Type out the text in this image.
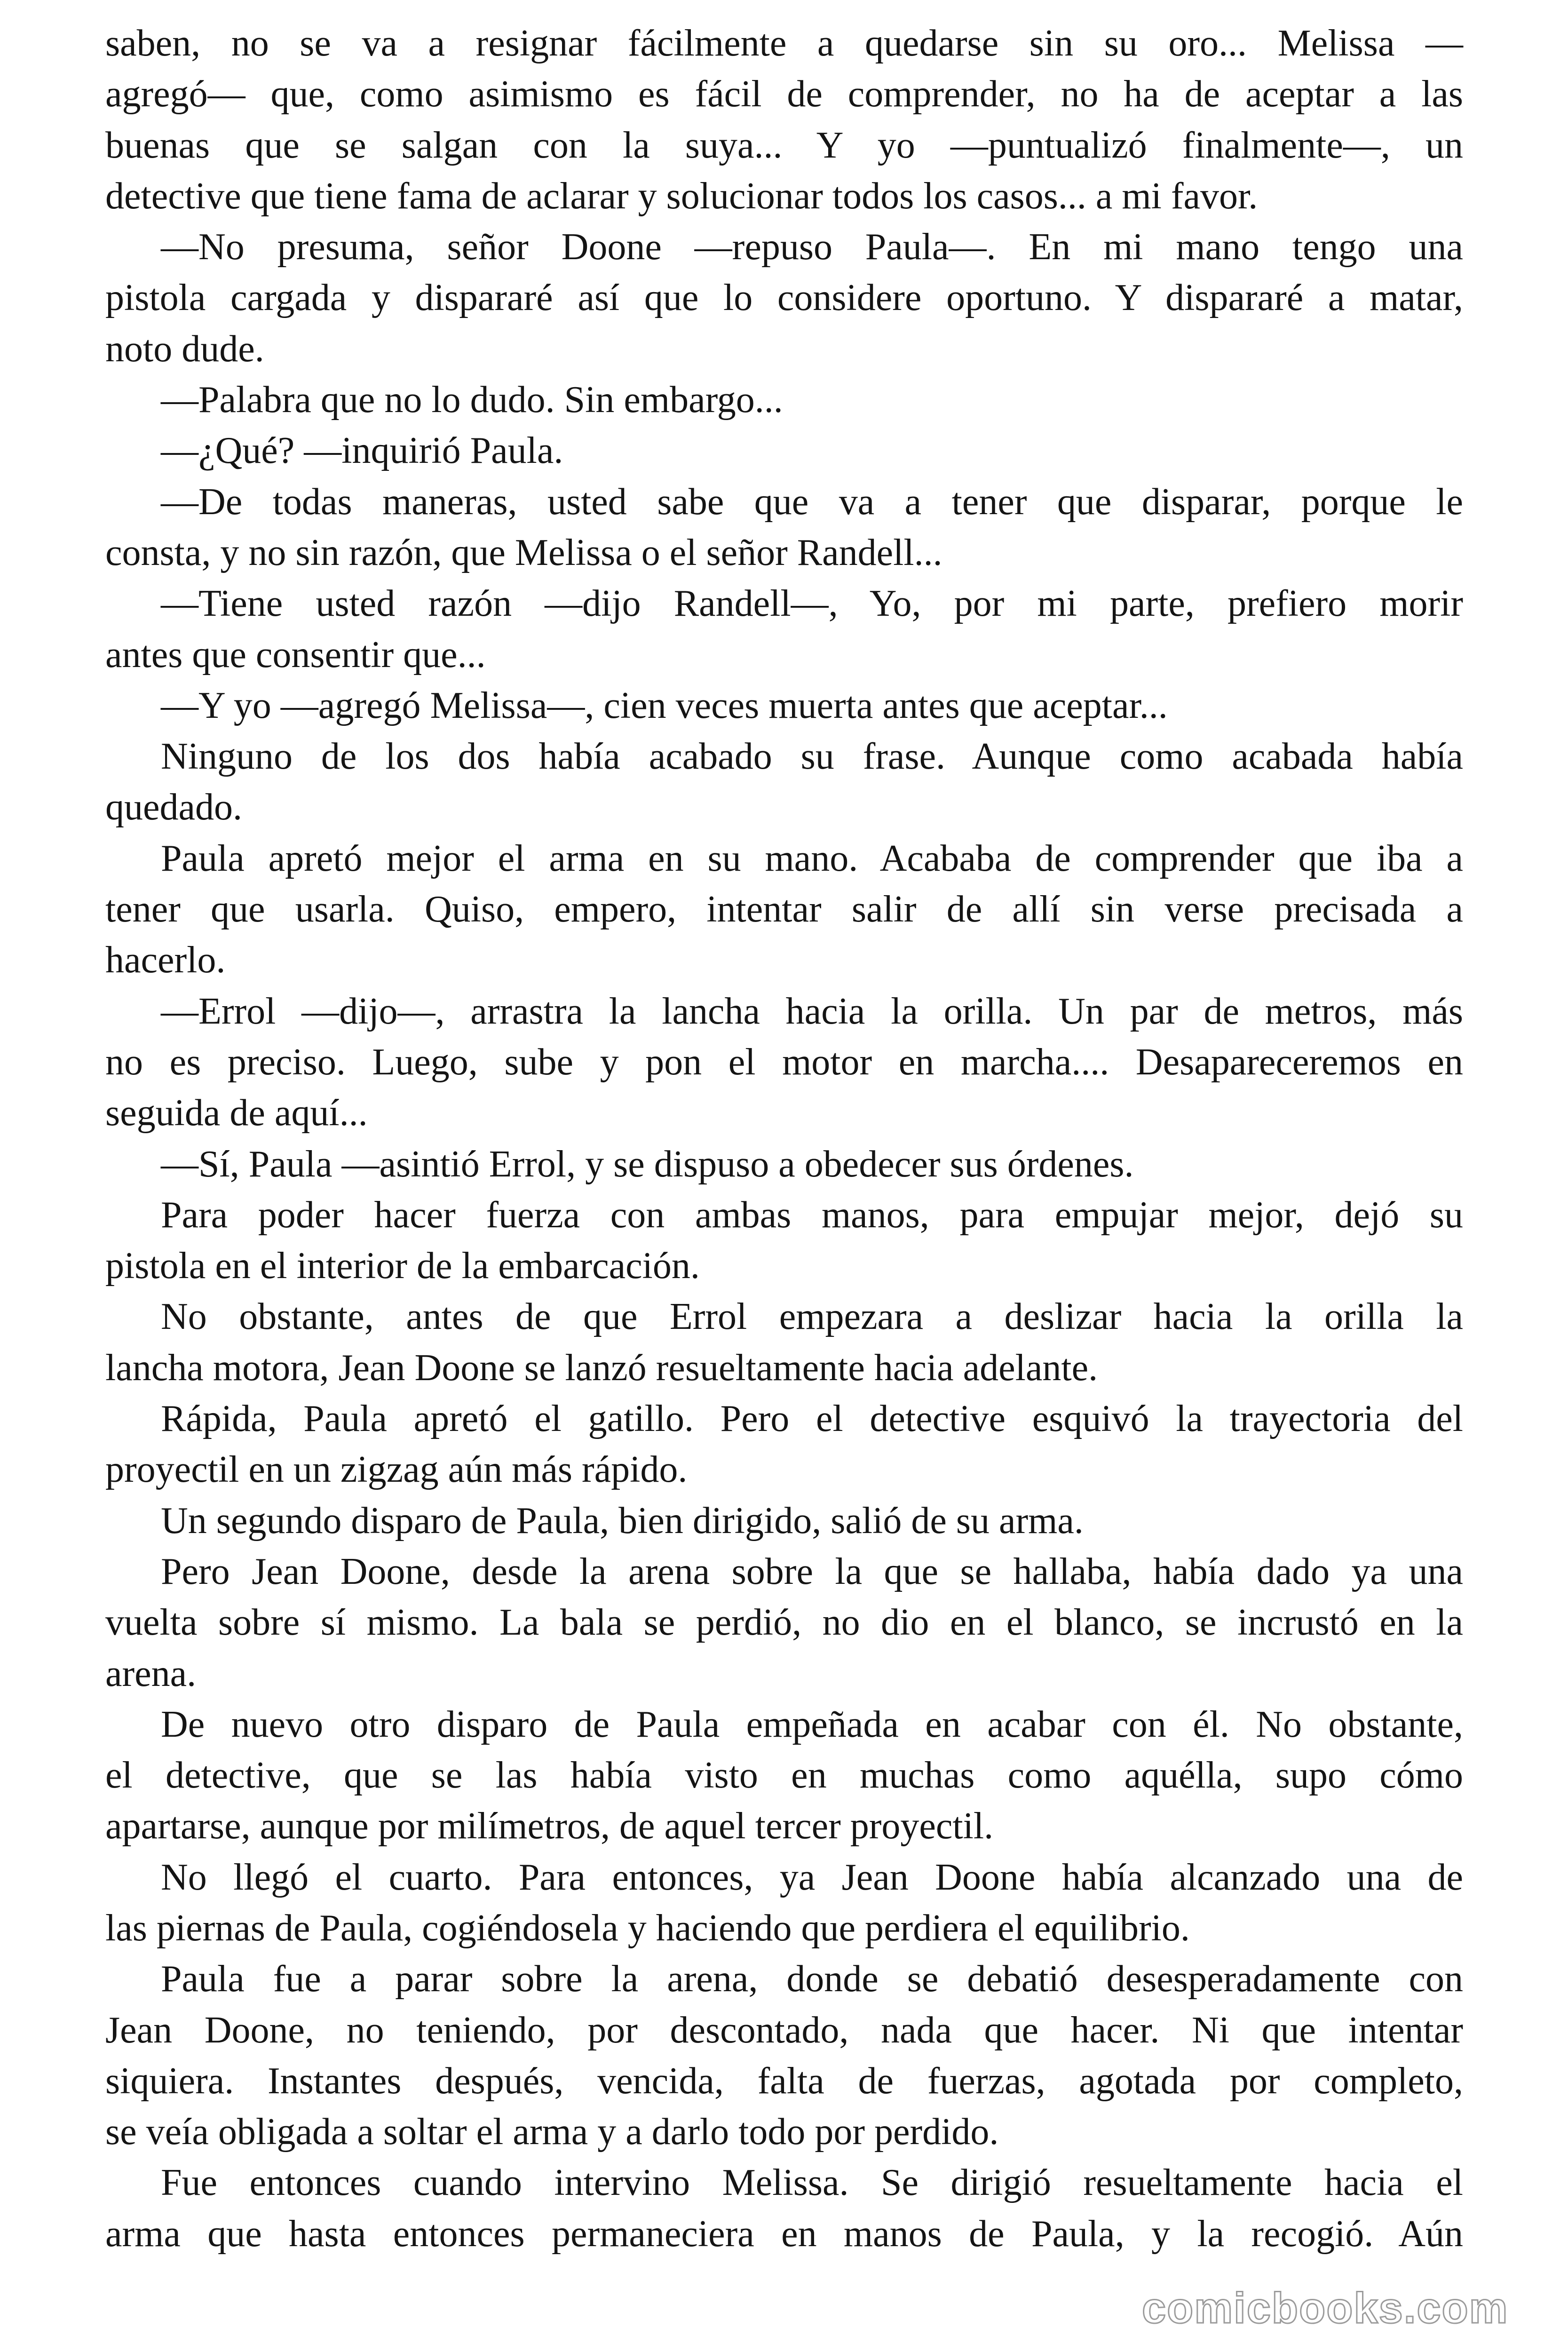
saben, no se va a resignar fácilmente a quedarse sin su oro... Melissa —
agregó— que, como asimismo es fácil de comprender, no ha de aceptar a las
buenas que se salgan con la suya... Y yo —puntualizó finalmente—, un
detective que tiene fama de aclarar y solucionar todos los casos... a mi favor.
—No presuma, señor Doone —repuso Paula—. En mi mano tengo una
pistola cargada y dispararé así que lo considere oportuno. Y dispararé a matar,
noto dude.
—Palabra que no lo dudo. Sin embargo...
—¿Qué? —inquirió Paula.
—De todas maneras, usted sabe que va a tener que disparar, porque le
consta, y no sin razón, que Melissa o el señor Randell...
—Tiene usted razón —dijo Randell—, Yo, por mi parte, prefiero morir
antes que consentir que...
—Y yo —agregó Melissa—, cien veces muerta antes que aceptar...
Ninguno de los dos había acabado su frase. Aunque como acabada había
quedado.
Paula apretó mejor el arma en su mano. Acababa de comprender que iba a
tener que usarla. Quiso, empero, intentar salir de allí sin verse precisada a
hacerlo.
—Errol —dijo—, arrastra la lancha hacia la orilla. Un par de metros, más
no es preciso. Luego, sube y pon el motor en marcha.... Desapareceremos en
seguida de aquí...
—Sí, Paula —asintió Errol, y se dispuso a obedecer sus órdenes.
Para poder hacer fuerza con ambas manos, para empujar mejor, dejó su
pistola en el interior de la embarcación.
No obstante, antes de que Errol empezara a deslizar hacia la orilla la
lancha motora, Jean Doone se lanzó resueltamente hacia adelante.
Rápida, Paula apretó el gatillo. Pero el detective esquivó la trayectoria del
proyectil en un zigzag aún más rápido.
Un segundo disparo de Paula, bien dirigido, salió de su arma.
Pero Jean Doone, desde la arena sobre la que se hallaba, había dado ya una
vuelta sobre sí mismo. La bala se perdió, no dio en el blanco, se incrustó en la
arena.
De nuevo otro disparo de Paula empeñada en acabar con él. No obstante,
el detective, que se las había visto en muchas como aquélla, supo cómo
apartarse, aunque por milímetros, de aquel tercer proyectil.
No llegó el cuarto. Para entonces, ya Jean Doone había alcanzado una de
las piernas de Paula, cogiéndosela y haciendo que perdiera el equilibrio.
Paula fue a parar sobre la arena, donde se debatió desesperadamente con
Jean Doone, no teniendo, por descontado, nada que hacer. Ni que intentar
siquiera. Instantes después, vencida, falta de fuerzas, agotada por completo,
se veía obligada a soltar el arma y a darlo todo por perdido.
Fue entonces cuando intervino Melissa. Se dirigió resueltamente hacia el
arma que hasta entonces permaneciera en manos de Paula, y la recogió. Aún
comicbooks.com
